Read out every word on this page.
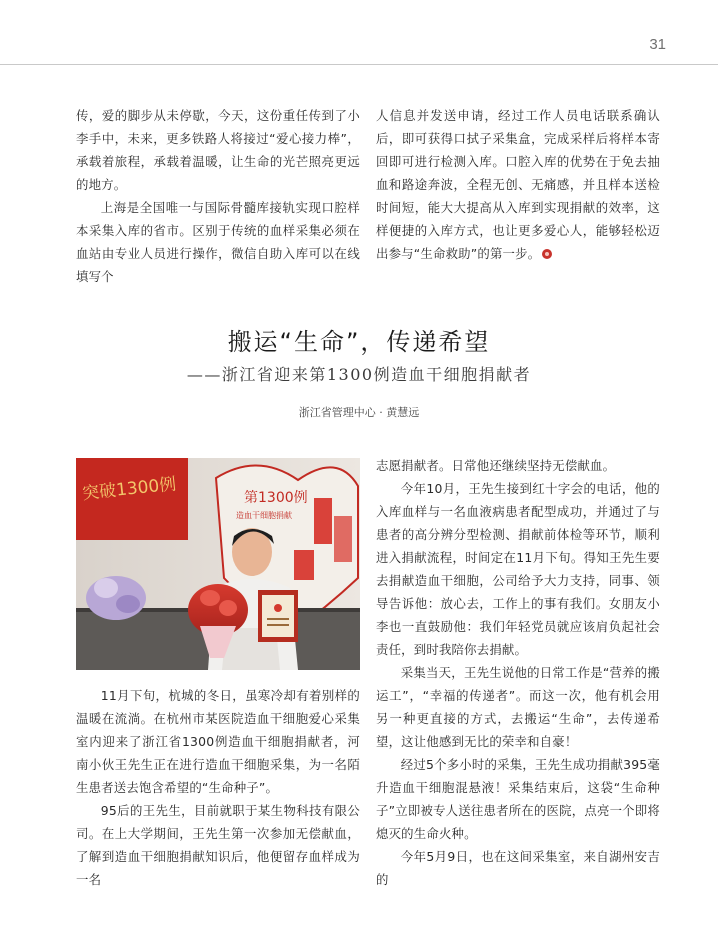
31

传，爱的脚步从未停歇，今天，这份重任传到了小李手中，未来，更多铁路人将接过“爱心接力棒”，承载着旅程，承载着温暖，让生命的光芒照亮更远的地方。

上海是全国唯一与国际骨髓库接轨实现口腔样本采集入库的省市。区别于传统的血样采集必须在血站由专业人员进行操作，微信自助入库可以在线填写个

人信息并发送申请，经过工作人员电话联系确认后，即可获得口拭子采集盒，完成采样后将样本寄回即可进行检测入库。口腔入库的优势在于免去抽血和路途奔波，全程无创、无痛感，并且样本送检时间短，能大大提高从入库到实现捐献的效率，这样便捷的入库方式，也让更多爱心人，能够轻松迈出参与“生命救助”的第一步。

搬运“生命”，传递希望
——浙江省迎来第1300例造血干细胞捐献者
浙江省管理中心 · 黄慧远
突破1300例	第1300例
造血干细胞捐献

11月下旬，杭城的冬日，虽寒冷却有着别样的温暖在流淌。在杭州市某医院造血干细胞爱心采集室内迎来了浙江省1300例造血干细胞捐献者，河南小伙王先生正在进行造血干细胞采集，为一名陌生患者送去饱含希望的“生命种子”。

95后的王先生，目前就职于某生物科技有限公司。在上大学期间，王先生第一次参加无偿献血，了解到造血干细胞捐献知识后，他便留存血样成为一名

志愿捐献者。日常他还继续坚持无偿献血。

今年10月，王先生接到红十字会的电话，他的入库血样与一名血液病患者配型成功，并通过了与患者的高分辨分型检测、捐献前体检等环节，顺利进入捐献流程，时间定在11月下旬。得知王先生要去捐献造血干细胞，公司给予大力支持，同事、领导告诉他：放心去，工作上的事有我们。女朋友小李也一直鼓励他：我们年轻党员就应该肩负起社会责任，到时我陪你去捐献。

采集当天，王先生说他的日常工作是“营养的搬运工”，“幸福的传递者”。而这一次，他有机会用另一种更直接的方式，去搬运“生命”，去传递希望，这让他感到无比的荣幸和自豪！

经过5个多小时的采集，王先生成功捐献395毫升造血干细胞混悬液！采集结束后，这袋“生命种子”立即被专人送往患者所在的医院，点亮一个即将熄灭的生命火种。

今年5月9日，也在这间采集室，来自湖州安吉的
